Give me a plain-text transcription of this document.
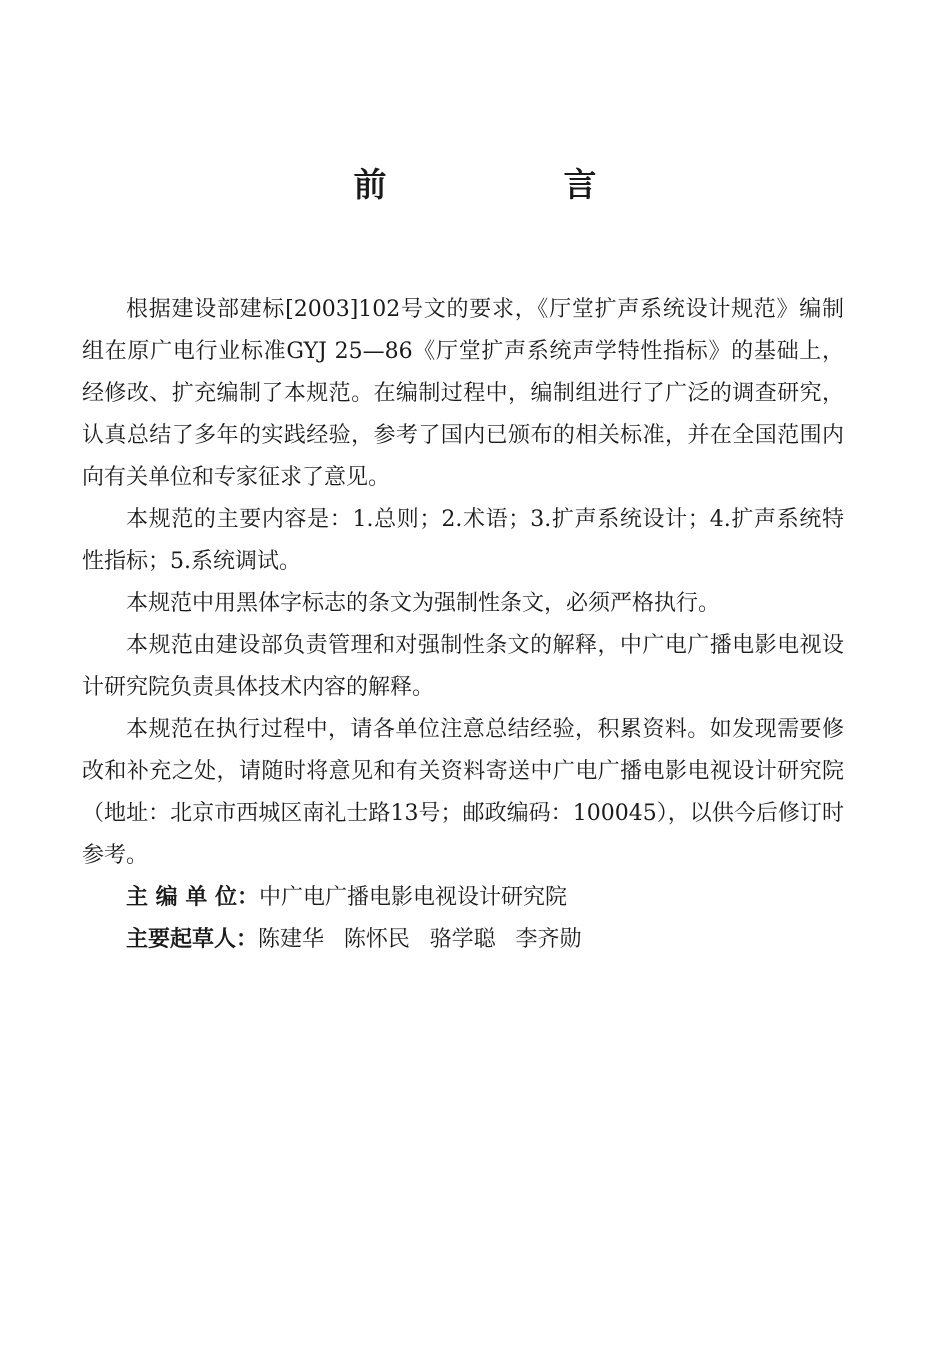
前　言

根据建设部建标[2003]102号文的要求，《厅堂扩声系统设计规范》编制组在原广电行业标准GYJ 25—86《厅堂扩声系统声学特性指标》的基础上，经修改、扩充编制了本规范。在编制过程中，编制组进行了广泛的调查研究，认真总结了多年的实践经验，参考了国内已颁布的相关标准，并在全国范围内向有关单位和专家征求了意见。

本规范的主要内容是：1.总则；2.术语；3.扩声系统设计；4.扩声系统特性指标；5.系统调试。

本规范中用黑体字标志的条文为强制性条文，必须严格执行。

本规范由建设部负责管理和对强制性条文的解释，中广电广播电影电视设计研究院负责具体技术内容的解释。

本规范在执行过程中，请各单位注意总结经验，积累资料。如发现需要修改和补充之处，请随时将意见和有关资料寄送中广电广播电影电视设计研究院（地址：北京市西城区南礼士路13号；邮政编码：100045），以供今后修订时参考。

主 编 单 位：中广电广播电影电视设计研究院

主要起草人：陈建华 陈怀民 骆学聪 李齐勋
